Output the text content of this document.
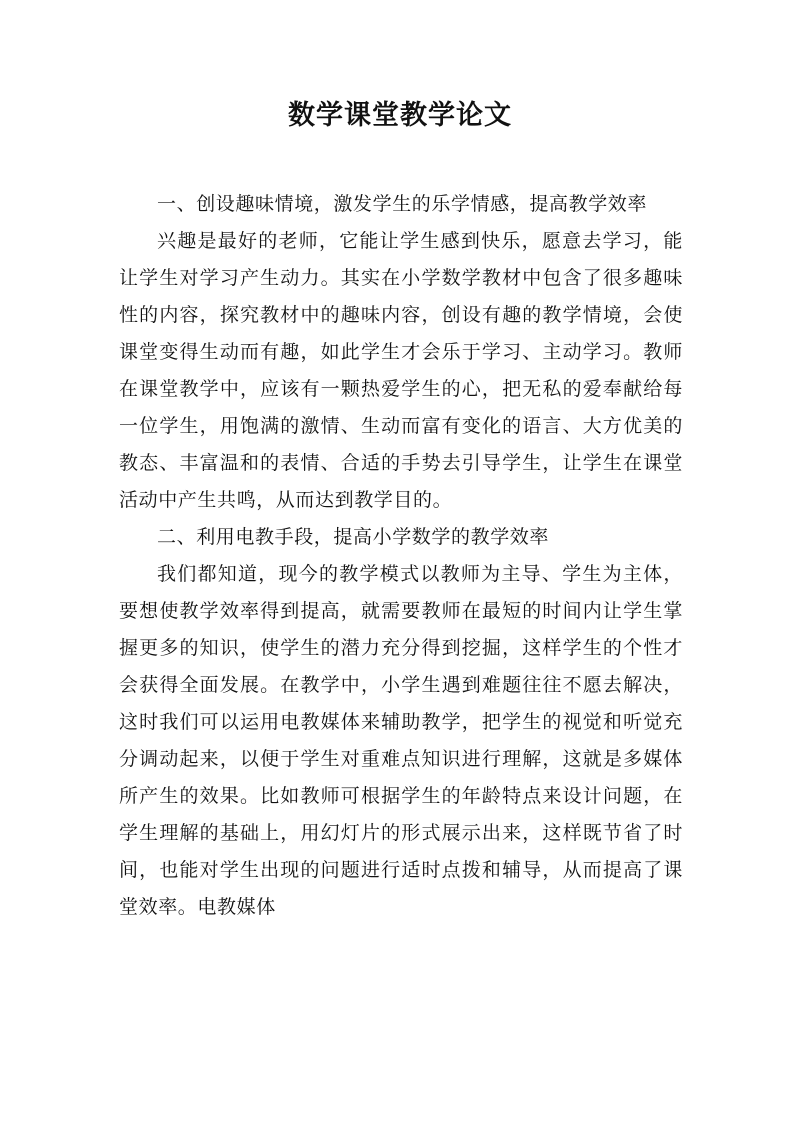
数学课堂教学论文

一、创设趣味情境，激发学生的乐学情感，提高教学效率

兴趣是最好的老师，它能让学生感到快乐，愿意去学习，能让学生对学习产生动力。其实在小学数学教材中包含了很多趣味性的内容，探究教材中的趣味内容，创设有趣的教学情境，会使课堂变得生动而有趣，如此学生才会乐于学习、主动学习。教师在课堂教学中，应该有一颗热爱学生的心，把无私的爱奉献给每一位学生，用饱满的激情、生动而富有变化的语言、大方优美的教态、丰富温和的表情、合适的手势去引导学生，让学生在课堂活动中产生共鸣，从而达到教学目的。

二、利用电教手段，提高小学数学的教学效率

我们都知道，现今的教学模式以教师为主导、学生为主体，要想使教学效率得到提高，就需要教师在最短的时间内让学生掌握更多的知识，使学生的潜力充分得到挖掘，这样学生的个性才会获得全面发展。在教学中，小学生遇到难题往往不愿去解决，这时我们可以运用电教媒体来辅助教学，把学生的视觉和听觉充分调动起来，以便于学生对重难点知识进行理解，这就是多媒体所产生的效果。比如教师可根据学生的年龄特点来设计问题，在学生理解的基础上，用幻灯片的形式展示出来，这样既节省了时间，也能对学生出现的问题进行适时点拨和辅导，从而提高了课堂效率。电教媒体
